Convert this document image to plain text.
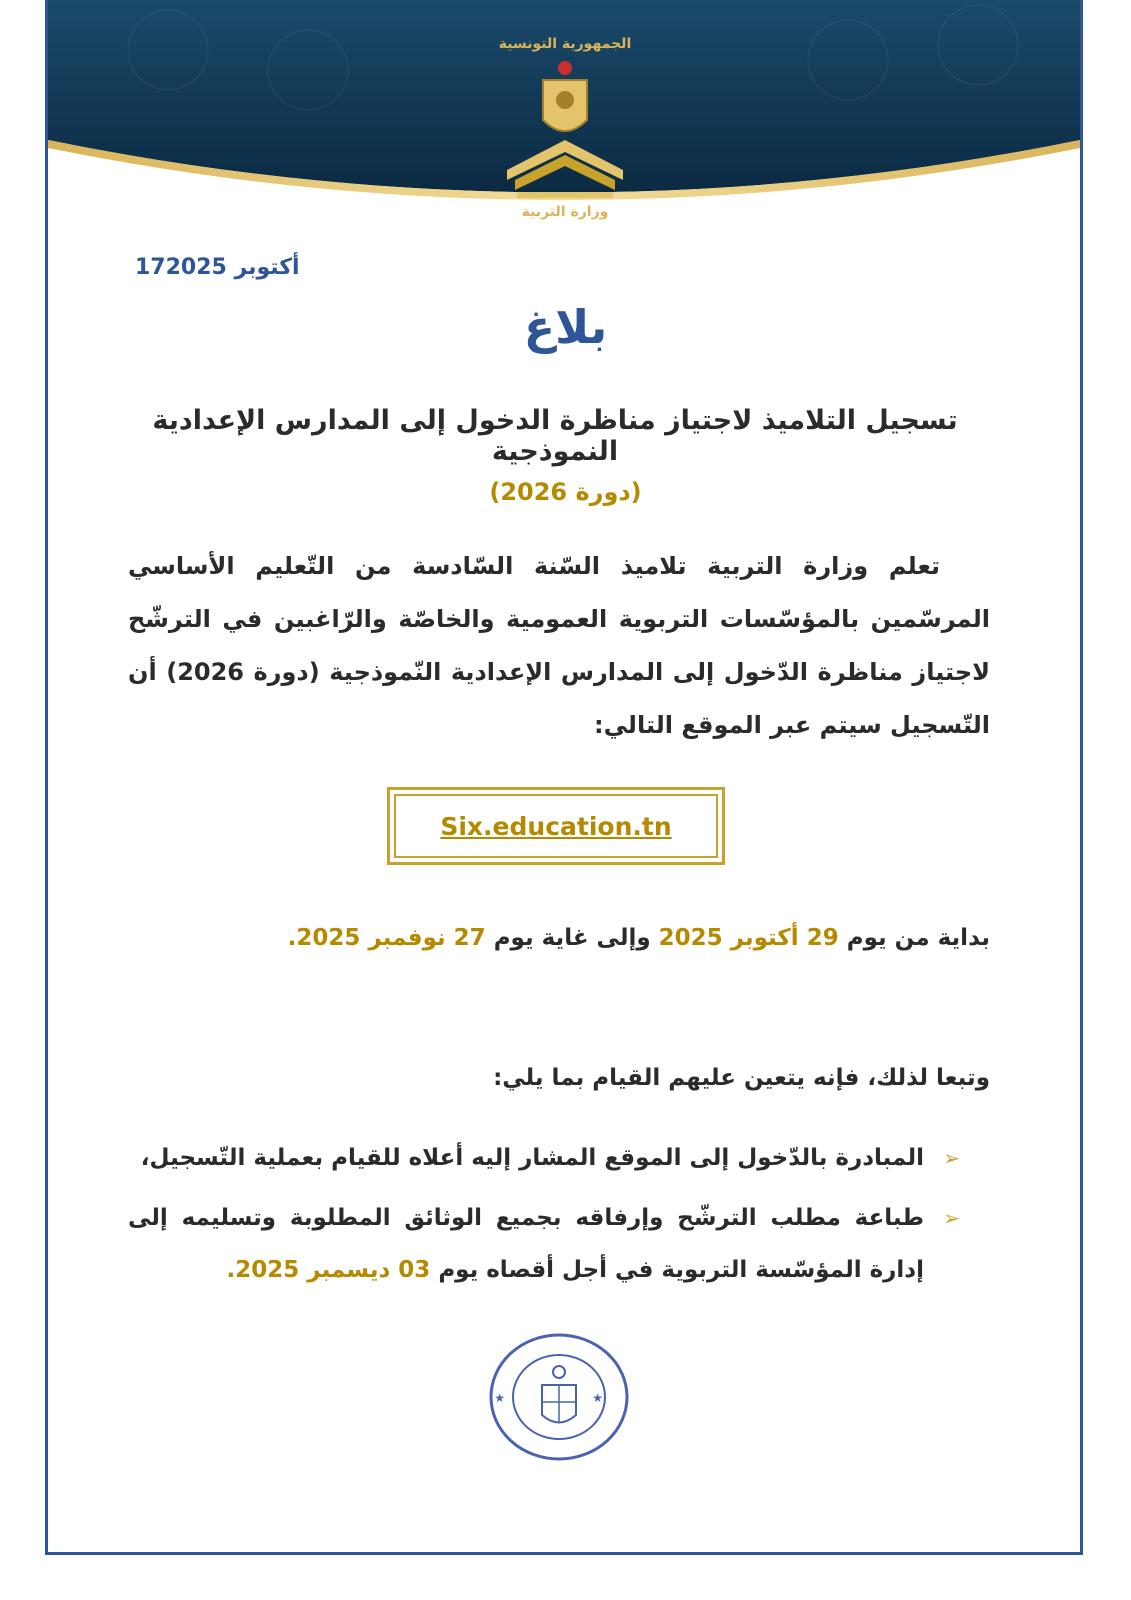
الجمهورية التونسية
وزارة التربية
17أكتوبر 2025
بلاغ
تسجيل التلاميذ لاجتياز مناظرة الدخول إلى المدارس الإعدادية النموذجية
(دورة 2026)
تعلم وزارة التربية تلاميذ السّنة السّادسة من التّعليم الأساسي المرسّمين بالمؤسّسات التربوية العمومية والخاصّة والرّاغبين في الترشّح لاجتياز مناظرة الدّخول إلى المدارس الإعدادية النّموذجية (دورة 2026) أن التّسجيل سيتم عبر الموقع التالي:
Six.education.tn
بداية من يوم 29 أكتوبر 2025 وإلى غاية يوم 27 نوفمبر 2025.
وتبعا لذلك، فإنه يتعين عليهم القيام بما يلي:
➢
المبادرة بالدّخول إلى الموقع المشار إليه أعلاه للقيام بعملية التّسجيل،
➢
طباعة مطلب الترشّح وإرفاقه بجميع الوثائق المطلوبة وتسليمه إلى إدارة المؤسّسة التربوية في أجل أقصاه يوم 03 ديسمبر 2025.
★	★
